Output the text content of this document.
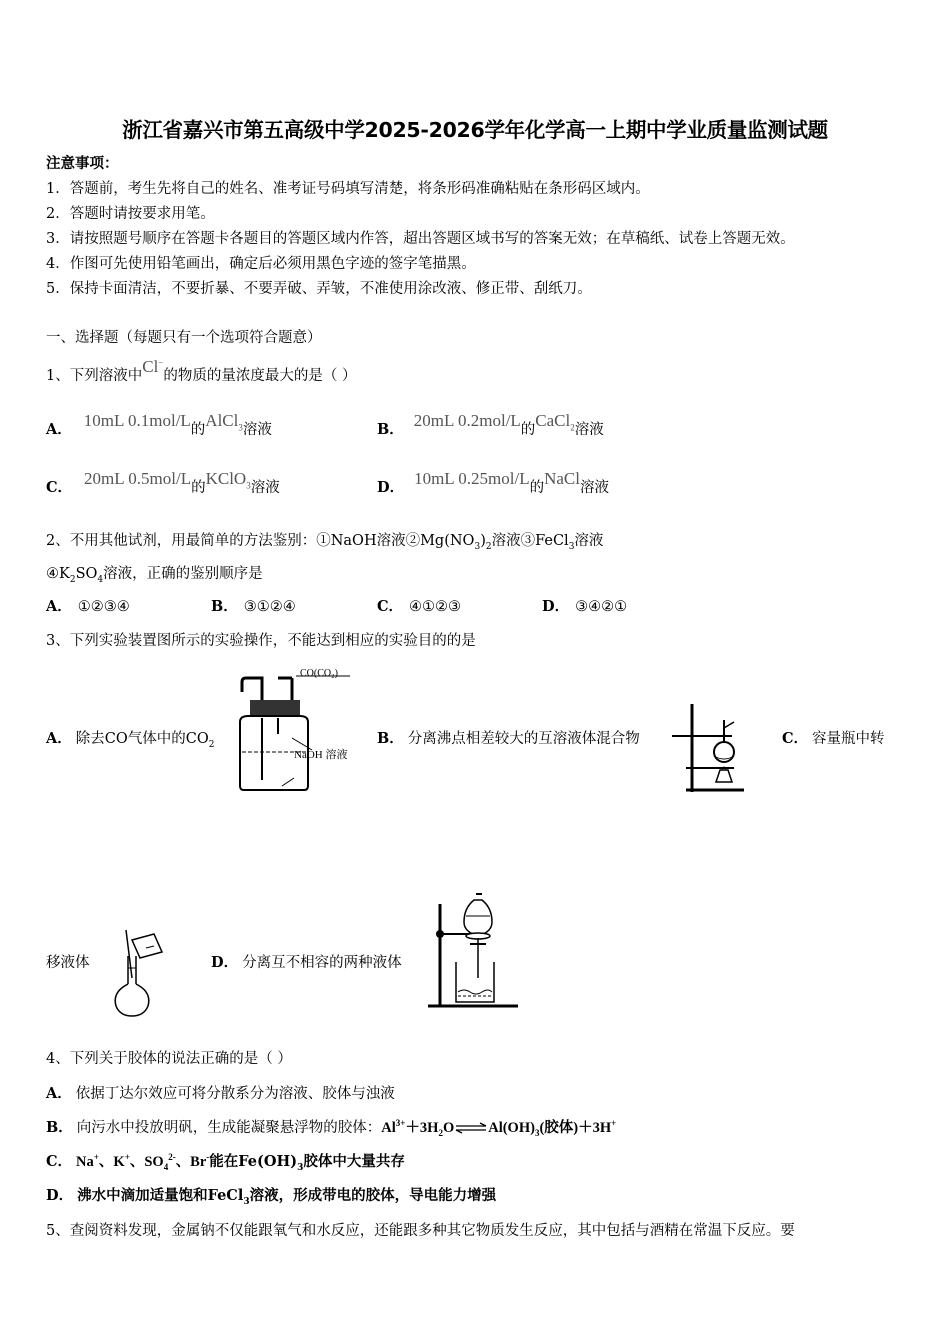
浙江省嘉兴市第五高级中学2025-2026学年化学高一上期中学业质量监测试题
注意事项：
1．答题前，考生先将自己的姓名、准考证号码填写清楚，将条形码准确粘贴在条形码区域内。
2．答题时请按要求用笔。
3．请按照题号顺序在答题卡各题目的答题区域内作答，超出答题区域书写的答案无效；在草稿纸、试卷上答题无效。
4．作图可先使用铅笔画出，确定后必须用黑色字迹的签字笔描黑。
5．保持卡面清洁，不要折暴、不要弄破、弄皱，不准使用涂改液、修正带、刮纸刀。
一、选择题（每题只有一个选项符合题意）
1、下列溶液中Cl−的物质的量浓度最大的是（ ）
A． 10mL 0.1mol/L的AlCl$_3$溶液	B． 20mL 0.2mol/L的CaCl$_2$溶液
C． 20mL 0.5mol/L的KClO$_3$溶液	D． 10mL 0.25mol/L的NaCl溶液
2、不用其他试剂，用最简单的方法鉴别：①NaOH溶液$②Mg(NO_3)_2$溶液③FeCl$_3$溶液
$④K_2SO_4$溶液，正确的鉴别顺序是
A． ①②③④	B． ③①②④	C． ④①②③	D． ③④②①
3、下列实验装置图所示的实验操作，不能达到相应的实验目的的是
A． 除去CO气体中的$CO_2$
CO(CO₂)
NaOH 溶液
B． 分离沸点相差较大的互溶液体混合物	C． 容量瓶中转
移液体	D． 分离互不相容的两种液体
4、下列关于胶体的说法正确的是（ ）
A． 依据丁达尔效应可将分散系分为溶液、胶体与浊液
B． 向污水中投放明矾，生成能凝聚悬浮物的胶体：$Al^{3+}+3H_2O\rightleftharpoons Al(OH)_3$(胶体)＋3H+
C． Na+、K+、$SO_4^{2-}$、Br-能在$Fe(OH)_3$胶体中大量共存
D． 沸水中滴加适量饱和FeCl$_3$溶液，形成带电的胶体，导电能力增强
5、查阅资料发现，金属钠不仅能跟氧气和水反应，还能跟多种其它物质发生反应，其中包括与酒精在常温下反应。要
